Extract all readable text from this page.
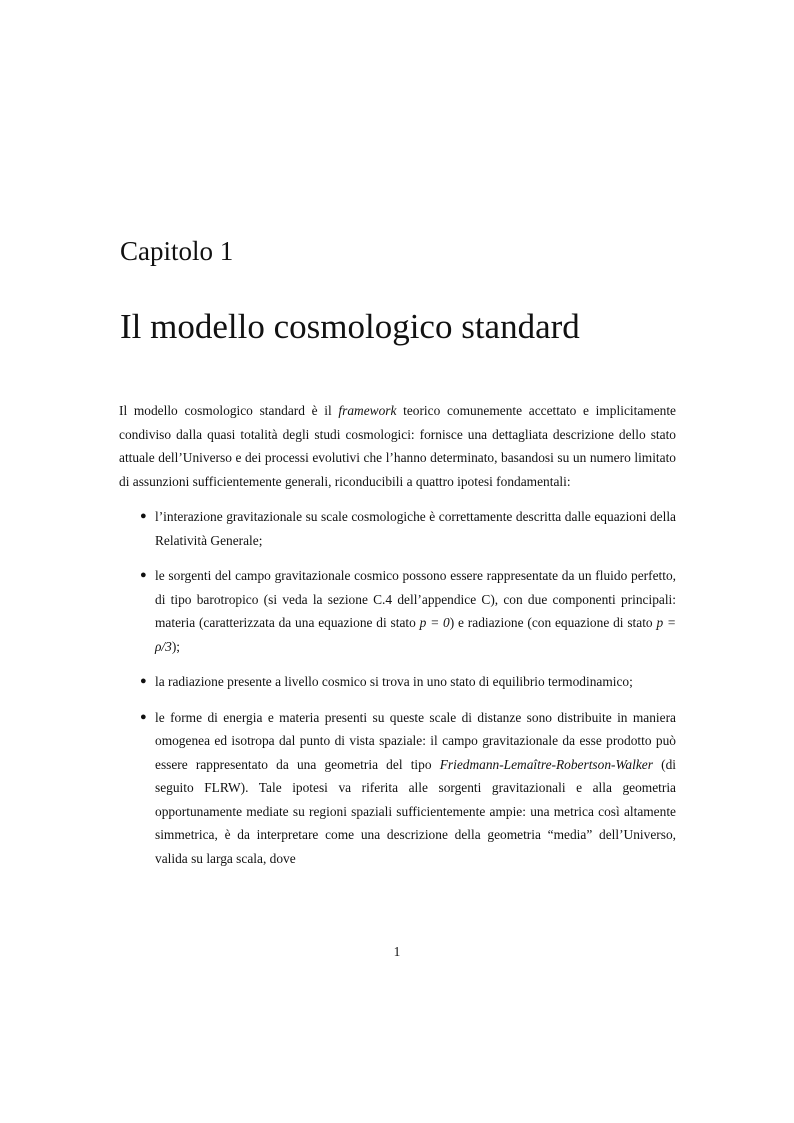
Capitolo 1
Il modello cosmologico standard

Il modello cosmologico standard è il framework teorico comunemente accettato e implicitamente condiviso dalla quasi totalità degli studi cosmologici: fornisce una dettagliata descrizione dello stato attuale dell’Universo e dei processi evolutivi che l’hanno determinato, basandosi su un numero limitato di assunzioni sufficientemente generali, riconducibili a quattro ipotesi fondamentali:

● l’interazione gravitazionale su scale cosmologiche è correttamente descritta dalle equazioni della Relatività Generale;
● le sorgenti del campo gravitazionale cosmico possono essere rappresentate da un fluido perfetto, di tipo barotropico (si veda la sezione C.4 dell’appendice C), con due componenti principali: materia (caratterizzata da una equazione di stato p = 0) e radiazione (con equazione di stato p = ρ/3);
● la radiazione presente a livello cosmico si trova in uno stato di equilibrio termodinamico;
● le forme di energia e materia presenti su queste scale di distanze sono distribuite in maniera omogenea ed isotropa dal punto di vista spaziale: il campo gravitazionale da esse prodotto può essere rappresentato da una geometria del tipo Friedmann-Lemaître-Robertson-Walker (di seguito FLRW). Tale ipotesi va riferita alle sorgenti gravitazionali e alla geometria opportunamente mediate su regioni spaziali sufficientemente ampie: una metrica così altamente simmetrica, è da interpretare come una descrizione della geometria “media” dell’Universo, valida su larga scala, dove
1
